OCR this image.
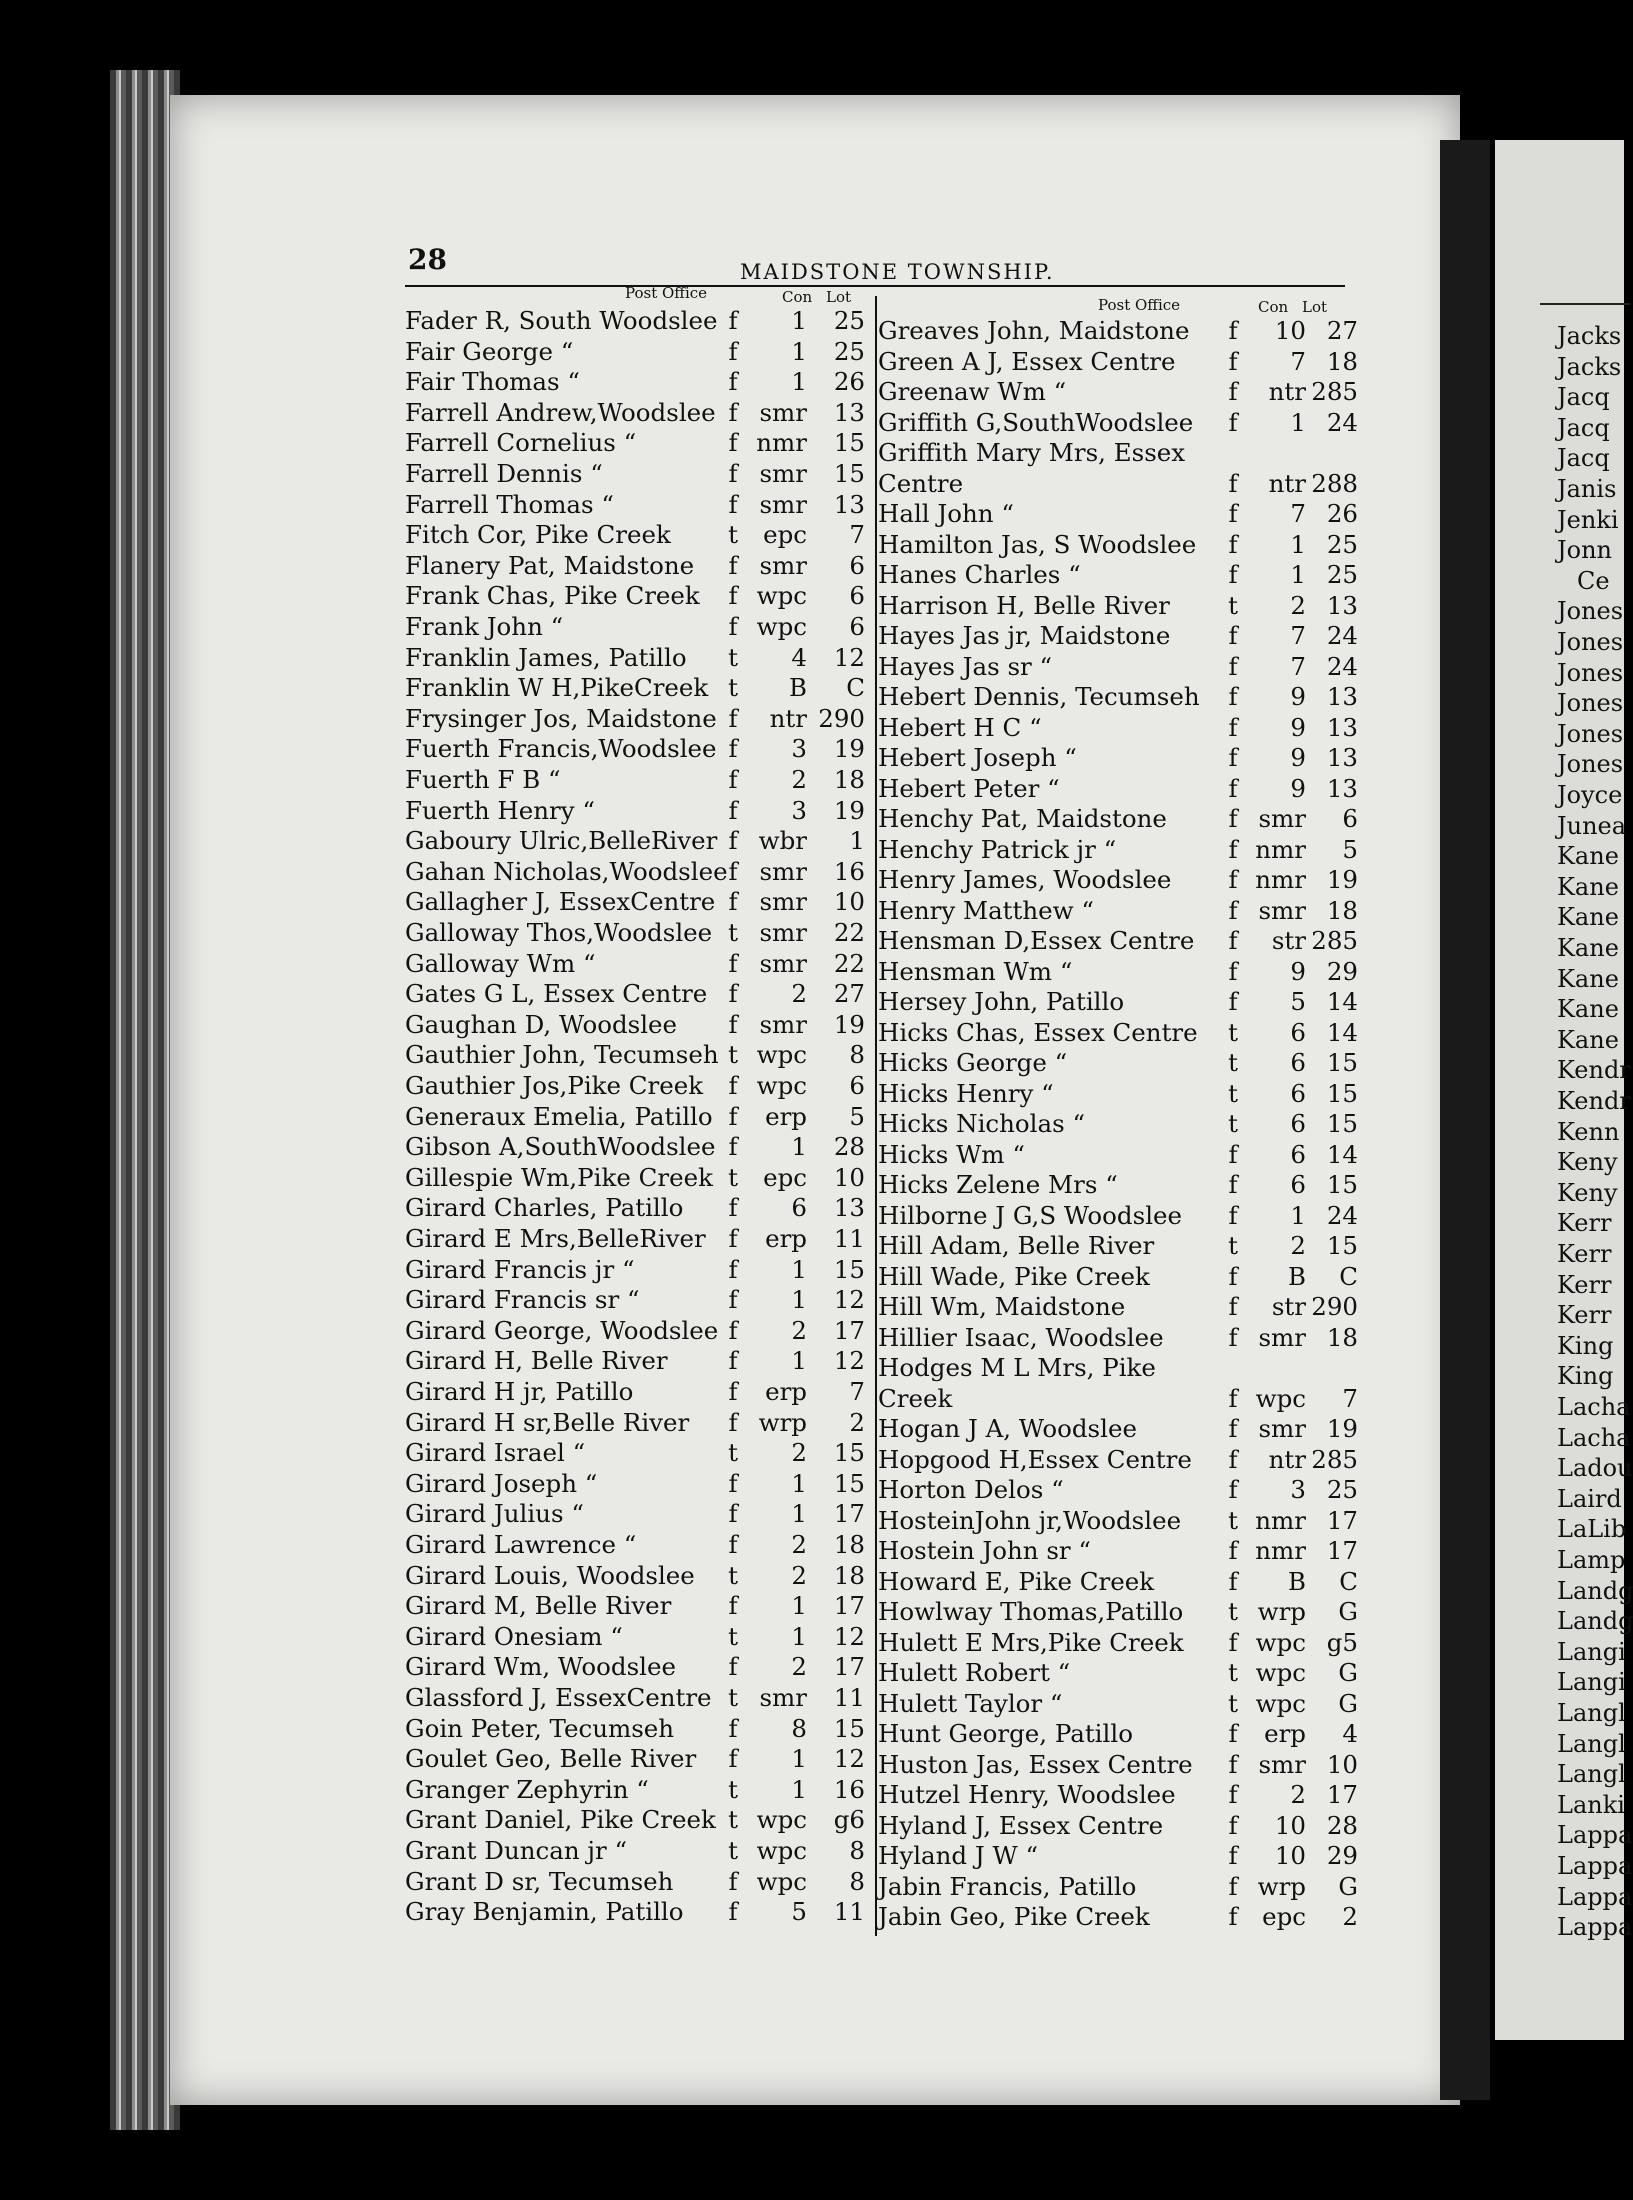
Jacks
Jacks
Jacq
Jacq
Jacq
Janis
Jenki
Jonn
Ce
Jones
Jones
Jones
Jones
Jones
Jones
Joyce
Junea
Kane
Kane
Kane
Kane
Kane
Kane
Kane
Kendr
Kendr
Kenn
Keny
Keny
Kerr
Kerr
Kerr
Kerr
King
King
Lacha
Lacha
Ladou
Laird
LaLib
Lamp
Landg
Landg
Langi
Langi
Langl
Langl
Langl
Lanki
Lappa
Lappa
Lappa
Lappa
28	MAIDSTONE TOWNSHIP.
Post Office	Con Lot	Post Office	Con Lot
Fader R, South Woodslee f	1	25
Fair George “	f	1	25
Fair Thomas “	f	1	26
Farrell Andrew,Woodslee f smr	13
Farrell Cornelius “	f nmr	15
Farrell Dennis “	f smr	15
Farrell Thomas “	f smr	13
Fitch Cor, Pike Creek t	epc	7
Flanery Pat, Maidstone f smr	6
Frank Chas, Pike Creek f wpc	6
Frank John “	f wpc	6
Franklin James, Patillo t	4	12
Franklin W H,PikeCreek t	B	C
Frysinger Jos, Maidstone f	ntr 290
Fuerth Francis,Woodslee f	3	19
Fuerth F B “	f	2	18
Fuerth Henry “	f	3	19
Gaboury Ulric,BelleRiver f wbr	1
Gahan Nicholas,Woodslee f smr	16
Gallagher J, EssexCentre f smr	10
Galloway Thos,Woodslee t smr	22
Galloway Wm “	f smr	22
Gates G L, Essex Centre f	2	27
Gaughan D, Woodslee f smr	19
Gauthier John, Tecumseh t wpc	8
Gauthier Jos,Pike Creek f wpc	6
Generaux Emelia, Patillo f	erp	5
Gibson A,SouthWoodslee f	1	28
Gillespie Wm,Pike Creek t	epc	10
Girard Charles, Patillo f	6	13
Girard E Mrs,BelleRiver f	erp	11
Girard Francis jr “	f	1	15
Girard Francis sr “	f	1	12
Girard George, Woodslee f	2	17
Girard H, Belle River f	1	12
Girard H jr, Patillo	f	erp	7
Girard H sr,Belle River f wrp	2
Girard Israel “	t	2	15
Girard Joseph “	f	1	15
Girard Julius “	f	1	17
Girard Lawrence “	f	2	18
Girard Louis, Woodslee t	2	18
Girard M, Belle River f	1	17
Girard Onesiam “	t	1	12
Girard Wm, Woodslee f	2	17
Glassford J, EssexCentre t smr	11
Goin Peter, Tecumseh f	8	15
Goulet Geo, Belle River f	1	12
Granger Zephyrin “	t	1	16
Grant Daniel, Pike Creek t wpc	g6
Grant Duncan jr “	t wpc	8
Grant D sr, Tecumseh f wpc	8
Gray Benjamin, Patillo f	5	11
Greaves John, Maidstone f	10 27
Green A J, Essex Centre f	7 18
Greenaw Wm “	f	ntr 285
Griffith G,SouthWoodslee f	1 24
Griffith Mary Mrs, Essex
Centre	f	ntr 288
Hall John “	f	7 26
Hamilton Jas, S Woodslee f	1 25
Hanes Charles “	f	1 25
Harrison H, Belle River t	2 13
Hayes Jas jr, Maidstone f	7 24
Hayes Jas sr “	f	7 24
Hebert Dennis, Tecumseh f	9 13
Hebert H C “	f	9 13
Hebert Joseph “	f	9 13
Hebert Peter “	f	9 13
Henchy Pat, Maidstone	f smr	6
Henchy Patrick jr “	f nmr	5
Henry James, Woodslee f nmr 19
Henry Matthew “	f smr 18
Hensman D,Essex Centre f	str 285
Hensman Wm “	f	9 29
Hersey John, Patillo	f	5 14
Hicks Chas, Essex Centre t	6 14
Hicks George “	t	6 15
Hicks Henry “	t	6 15
Hicks Nicholas “	t	6 15
Hicks Wm “	f	6 14
Hicks Zelene Mrs “	f	6 15
Hilborne J G,S Woodslee f	1 24
Hill Adam, Belle River	t	2 15
Hill Wade, Pike Creek	f	B	C
Hill Wm, Maidstone	f	str 290
Hillier Isaac, Woodslee	f smr 18
Hodges M L Mrs, Pike
Creek	f wpc	7
Hogan J A, Woodslee	f smr 19
Hopgood H,Essex Centre f	ntr 285
Horton Delos “	f	3 25
HosteinJohn jr,Woodslee t nmr 17
Hostein John sr “	f nmr 17
Howard E, Pike Creek	f	B	C
Howlway Thomas,Patillo t wrp	G
Hulett E Mrs,Pike Creek f wpc g5
Hulett Robert “	t wpc	G
Hulett Taylor “	t wpc	G
Hunt George, Patillo	f	erp	4
Huston Jas, Essex Centre f smr 10
Hutzel Henry, Woodslee f	2 17
Hyland J, Essex Centre	f	10 28
Hyland J W “	f	10 29
Jabin Francis, Patillo	f wrp	G
Jabin Geo, Pike Creek	f	epc	2
